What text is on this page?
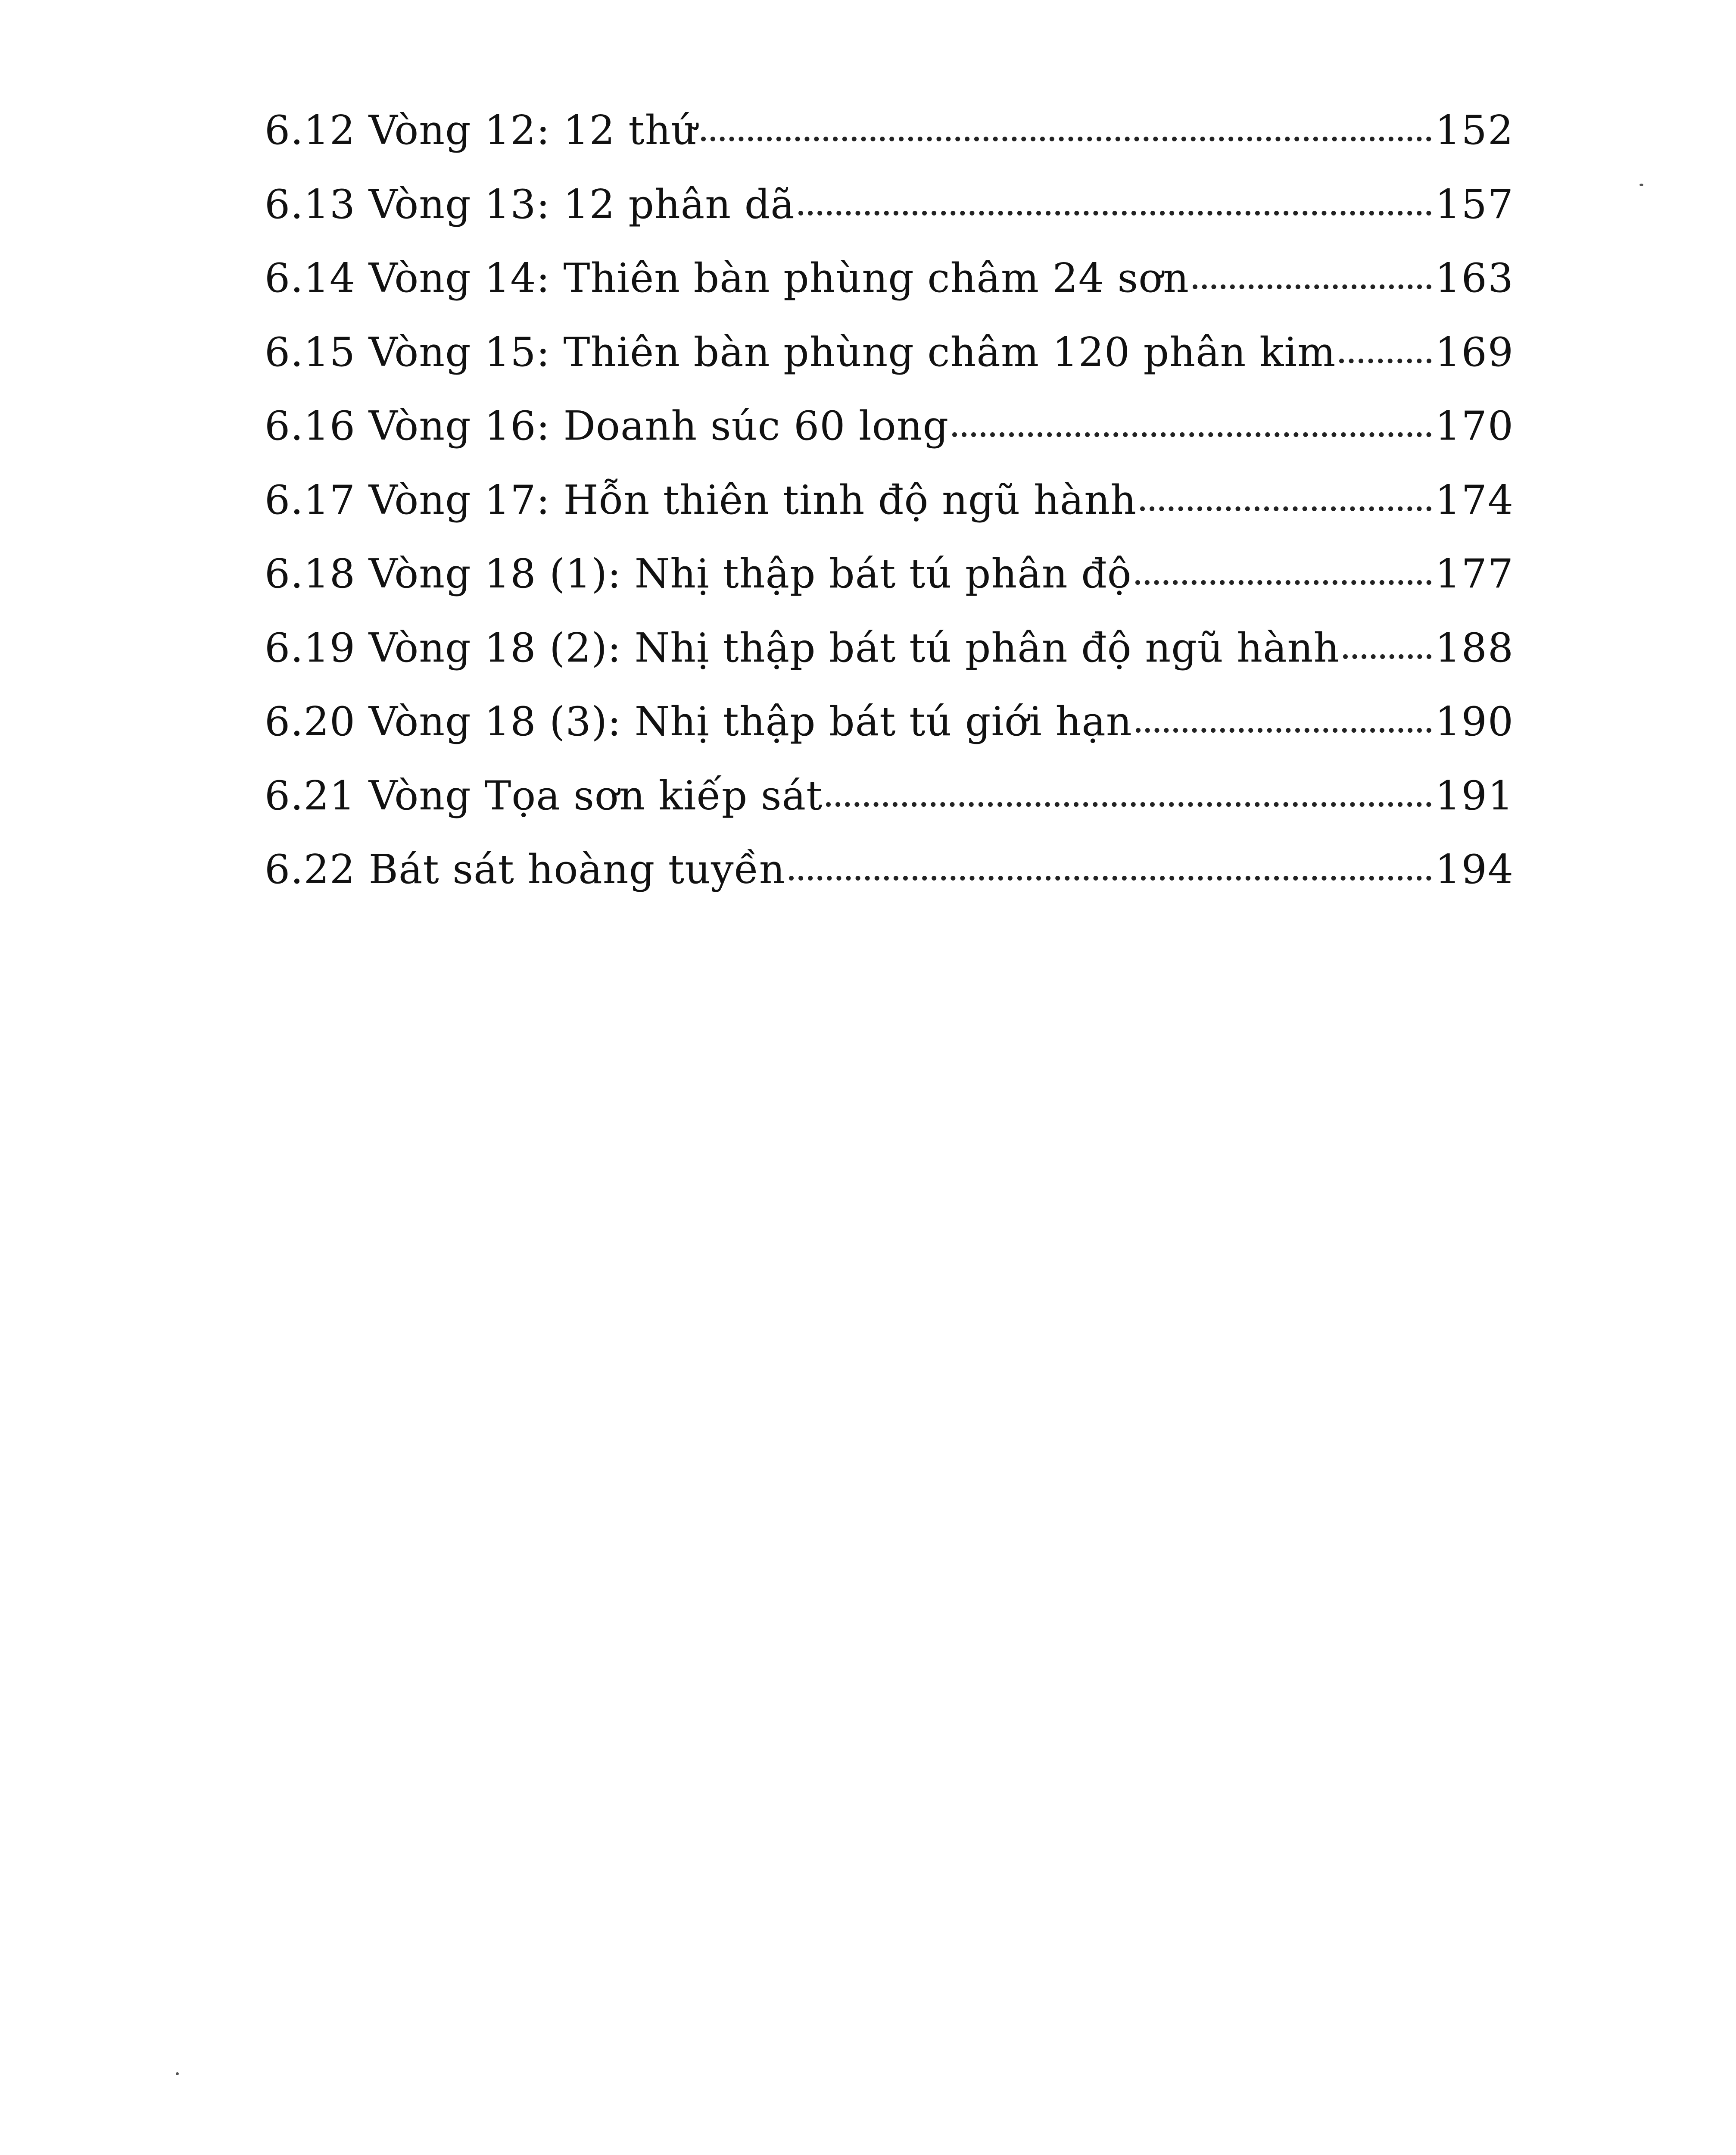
6.12 Vòng 12: 12 thứ	152
6.13 Vòng 13: 12 phân dã	157
6.14 Vòng 14: Thiên bàn phùng châm 24 sơn	163
6.15 Vòng 15: Thiên bàn phùng châm 120 phân kim 169
6.16 Vòng 16: Doanh súc 60 long	170
6.17 Vòng 17: Hỗn thiên tinh độ ngũ hành	174
6.18 Vòng 18 (1): Nhị thập bát tú phân độ	177
6.19 Vòng 18 (2): Nhị thập bát tú phân độ ngũ hành 188
6.20 Vòng 18 (3): Nhị thập bát tú giới hạn	190
6.21 Vòng Tọa sơn kiếp sát	191
6.22 Bát sát hoàng tuyền	194
